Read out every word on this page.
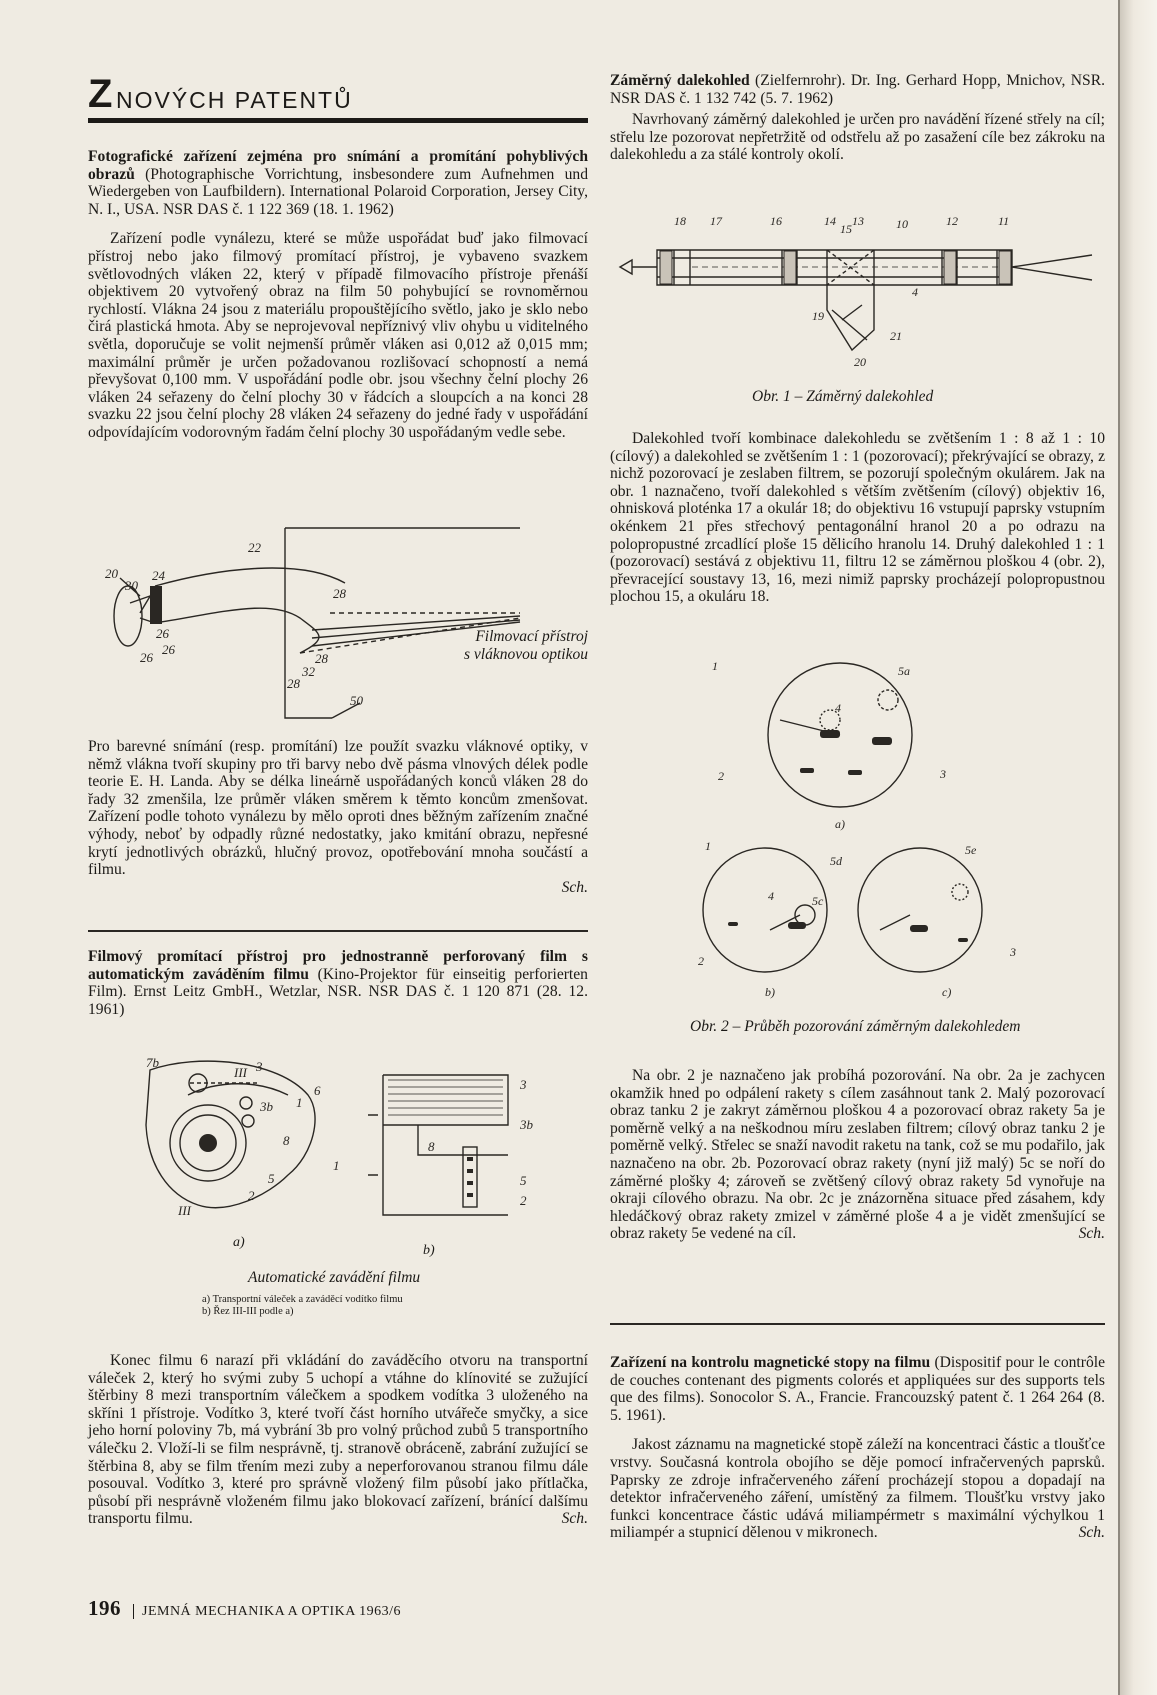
Z NOVÝCH PATENTŮ

Fotografické zařízení zejména pro snímání a promítání pohyblivých obrazů (Photographische Vorrichtung, insbesondere zum Aufnehmen und Wiedergeben von Laufbildern). International Polaroid Corporation, Jersey City, N. I., USA. NSR DAS č. 1 122 369 (18. 1. 1962)

Zařízení podle vynálezu, které se může uspořádat buď jako filmovací přístroj nebo jako filmový promítací přístroj, je vybaveno svazkem světlovodných vláken 22, který v případě filmovacího přístroje přenáší objektivem 20 vytvořený obraz na film 50 pohybující se rovnoměrnou rychlostí. Vlákna 24 jsou z materiálu propouštějícího světlo, jako je sklo nebo čirá plastická hmota. Aby se neprojevoval nepříznivý vliv ohybu u viditelného světla, doporučuje se volit nejmenší průměr vláken asi 0,012 až 0,015 mm; maximální průměr je určen požadovanou rozlišovací schopností a nemá převyšovat 0,100 mm. V uspořádání podle obr. jsou všechny čelní plochy 26 vláken 24 seřazeny do čelní plochy 30 v řádcích a sloupcích a na konci 28 svazku 22 jsou čelní plochy 28 vláken 24 seřazeny do jedné řady v uspořádání odpovídajícím vodorovným řadám čelní plochy 30 uspořádaným vedle sebe.

22
20
30
24
28
26
26
26	28
32
28
50
Filmovací přístroj
s vláknovou optikou

Pro barevné snímání (resp. promítání) lze použít svazku vláknové optiky, v němž vlákna tvoří skupiny pro tři barvy nebo dvě pásma vlnových délek podle teorie E. H. Landa. Aby se délka lineárně uspořádaných konců vláken 28 do řady 32 zmenšila, lze průměr vláken směrem k těmto koncům zmenšovat. Zařízení podle tohoto vynálezu by mělo oproti dnes běžným zařízením značné výhody, neboť by odpadly různé nedostatky, jako kmitání obrazu, nepřesné krytí jednotlivých obrázků, hlučný provoz, opotřebování mnoha součástí a filmu.

Sch.

Filmový promítací přístroj pro jednostranně perforovaný film s automatickým zaváděním filmu (Kino-Projektor für einseitig perforierten Film). Ernst Leitz GmbH., Wetzlar, NSR. NSR DAS č. 1 120 871 (28. 12. 1961)

7b
III 3
1
6
3b
8
5
2
III
3
3b
8
1
5
2
a)
b)
Automatické zavádění filmu
a) Transportní váleček a zaváděcí vodítko filmu
b) Řez III-III podle a)

Konec filmu 6 narazí při vkládání do zaváděcího otvoru na transportní váleček 2, který ho svými zuby 5 uchopí a vtáhne do klínovité se zužující štěrbiny 8 mezi transportním válečkem a spodkem vodítka 3 uloženého na skříni 1 přístroje. Vodítko 3, které tvoří část horního utvářeče smyčky, a sice jeho horní poloviny 7b, má vybrání 3b pro volný průchod zubů 5 transportního válečku 2. Vloží-li se film nesprávně, tj. stranově obráceně, zabrání zužující se štěrbina 8, aby se film třením mezi zuby a neperforovanou stranou filmu dále posouval. Vodítko 3, které pro správně vložený film působí jako přítlačka, působí při nesprávně vloženém filmu jako blokovací zařízení, bránící dalšímu transportu filmu.	Sch.

Záměrný dalekohled (Zielfernrohr). Dr. Ing. Gerhard Hopp, Mnichov, NSR. NSR DAS č. 1 132 742 (5. 7. 1962)

Navrhovaný záměrný dalekohled je určen pro navádění řízené střely na cíl; střelu lze pozorovat nepřetržitě od odstřelu až po zasažení cíle bez zákroku na dalekohledu a za stálé kontroly okolí.

18 17	16	14 13
15	10	12	11
19
21
20
4
Obr. 1 – Záměrný dalekohled

Dalekohled tvoří kombinace dalekohledu se zvětšením 1 : 8 až 1 : 10 (cílový) a dalekohled se zvětšením 1 : 1 (pozorovací); překrývající se obrazy, z nichž pozorovací je zeslaben filtrem, se pozorují společným okulárem. Jak na obr. 1 naznačeno, tvoří dalekohled s větším zvětšením (cílový) objektiv 16, ohnisková ploténka 17 a okulár 18; do objektivu 16 vstupují paprsky vstupním okénkem 21 přes střechový pentagonální hranol 20 a po odrazu na polopropustné zrcadlící ploše 15 dělicího hranolu 14. Druhý dalekohled 1 : 1 (pozorovací) sestává z objektivu 11, filtru 12 se záměrnou ploškou 4 (obr. 2), převracející soustavy 13, 16, mezi nimiž paprsky procházejí polopropustnou plochou 15, a okuláru 18.

1	5a
4
2	3
a)
5d
1	5e
5c
4
2
b)
3
c)
Obr. 2 – Průběh pozorování záměrným dalekohledem

Na obr. 2 je naznačeno jak probíhá pozorování. Na obr. 2a je zachycen okamžik hned po odpálení rakety s cílem zasáhnout tank 2. Malý pozorovací obraz tanku 2 je zakryt záměrnou ploškou 4 a pozorovací obraz rakety 5a je poměrně velký a na neškodnou míru zeslaben filtrem; cílový obraz tanku 2 je poměrně velký. Střelec se snaží navodit raketu na tank, což se mu podařilo, jak naznačeno na obr. 2b. Pozorovací obraz rakety (nyní již malý) 5c se noří do záměrné plošky 4; zároveň se zvětšený cílový obraz rakety 5d vynořuje na okraji cílového obrazu. Na obr. 2c je znázorněna situace před zásahem, kdy hledáčkový obraz rakety zmizel v záměrné ploše 4 a je vidět zmenšující se obraz rakety 5e vedené na cíl.	Sch.

Zařízení na kontrolu magnetické stopy na filmu (Dispositif pour le contrôle de couches contenant des pigments colorés et appliquées sur des supports tels que des films). Sonocolor S. A., Francie. Francouzský patent č. 1 264 264 (8. 5. 1961).

Jakost záznamu na magnetické stopě záleží na koncentraci částic a tloušťce vrstvy. Současná kontrola obojího se děje pomocí infračervených paprsků. Paprsky ze zdroje infračerveného záření procházejí stopou a dopadají na detektor infračerveného záření, umístěný za filmem. Tloušťku vrstvy jako funkci koncentrace částic udává miliampérmetr s maximální výchylkou 1 miliampér a stupnicí dělenou v mikronech.	Sch.

196 JEMNÁ MECHANIKA A OPTIKA 1963/6
